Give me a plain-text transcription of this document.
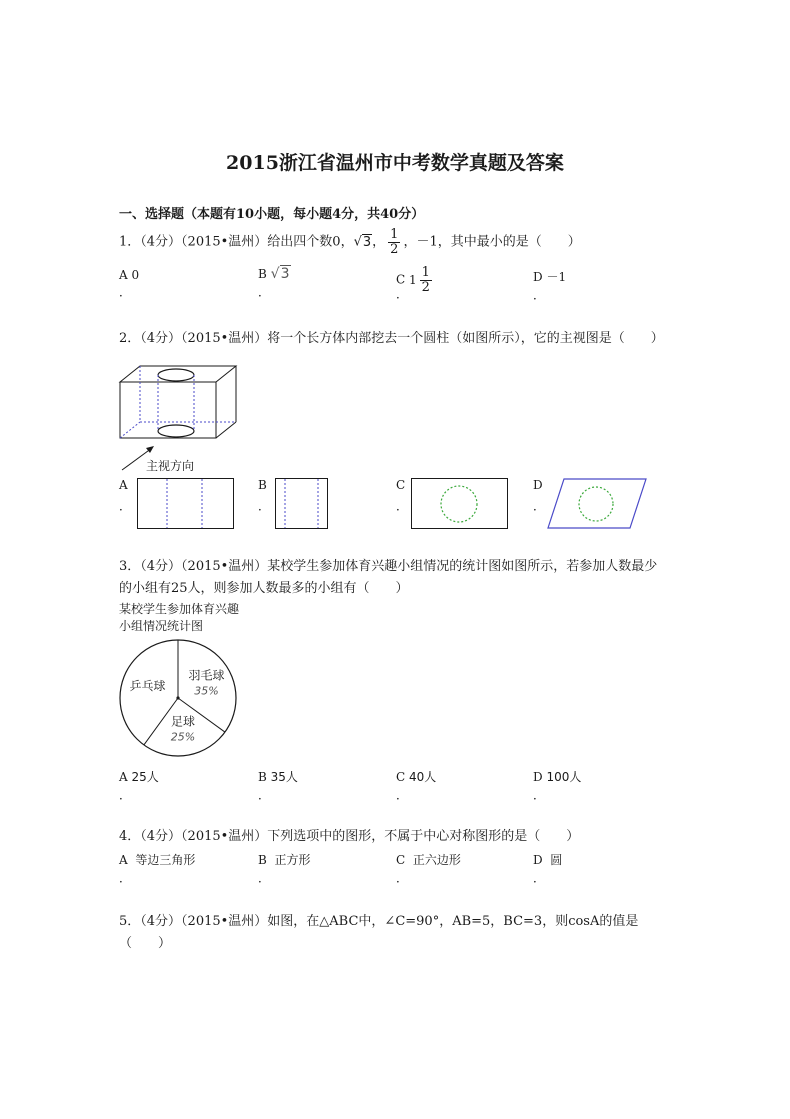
2015浙江省温州市中考数学真题及答案
一、选择题（本题有10小题，每小题4分，共40分）
1．（4分）（2015•温州）给出四个数0，√3， $\frac{1}{2}$ ，－1，其中最小的是（　　）
A 0
．
B √3
．
C $1 \frac{1}{2}$
．
D －1
．
2．（4分）（2015•温州）将一个长方体内部挖去一个圆柱（如图所示），它的主视图是（　　）
主视方向
A
．
B
．
C
．
D
．
3．（4分）（2015•温州）某校学生参加体育兴趣小组情况的统计图如图所示，若参加人数最少的小组有25人，则参加人数最多的小组有（　　）
某校学生参加体育兴趣
小组情况统计图
乒乓球
羽毛球
35%
足球
25%
A 25人
．
B 35人
．
C 40人
．
D 100人
．
4．（4分）（2015•温州）下列选项中的图形，不属于中心对称图形的是（　　）
A 等边三角形
．
B 正方形
．
C 正六边形
．
D 圆
．
5．（4分）（2015•温州）如图，在△ABC中，∠C=90°，AB=5，BC=3，则cosA的值是（　　）
